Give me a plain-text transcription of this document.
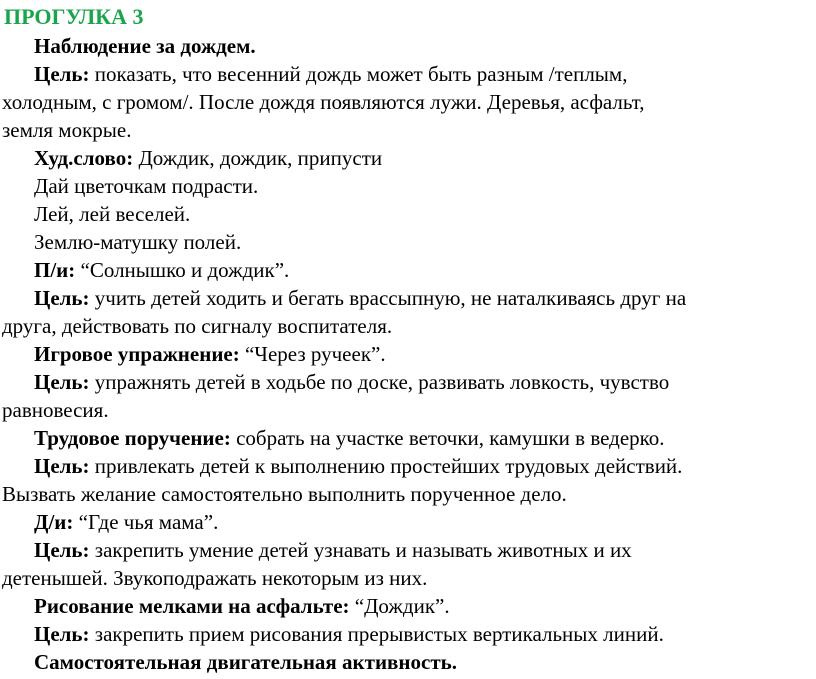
ПРОГУЛКА 3
Наблюдение за дождем.
Цель: показать, что весенний дождь может быть разным /теплым,
холодным, с громом/. После дождя появляются лужи. Деревья, асфальт,
земля мокрые.
Худ.слово: Дождик, дождик, припусти
Дай цветочкам подрасти.
Лей, лей веселей.
Землю-матушку полей.
П/и: “Солнышко и дождик”.
Цель: учить детей ходить и бегать врассыпную, не наталкиваясь друг на
друга, действовать по сигналу воспитателя.
Игровое упражнение: “Через ручеек”.
Цель: упражнять детей в ходьбе по доске, развивать ловкость, чувство
равновесия.
Трудовое поручение: собрать на участке веточки, камушки в ведерко.
Цель: привлекать детей к выполнению простейших трудовых действий.
Вызвать желание самостоятельно выполнить порученное дело.
Д/и: “Где чья мама”.
Цель: закрепить умение детей узнавать и называть животных и их
детенышей. Звукоподражать некоторым из них.
Рисование мелками на асфальте: “Дождик”.
Цель: закрепить прием рисования прерывистых вертикальных линий.
Самостоятельная двигательная активность.
